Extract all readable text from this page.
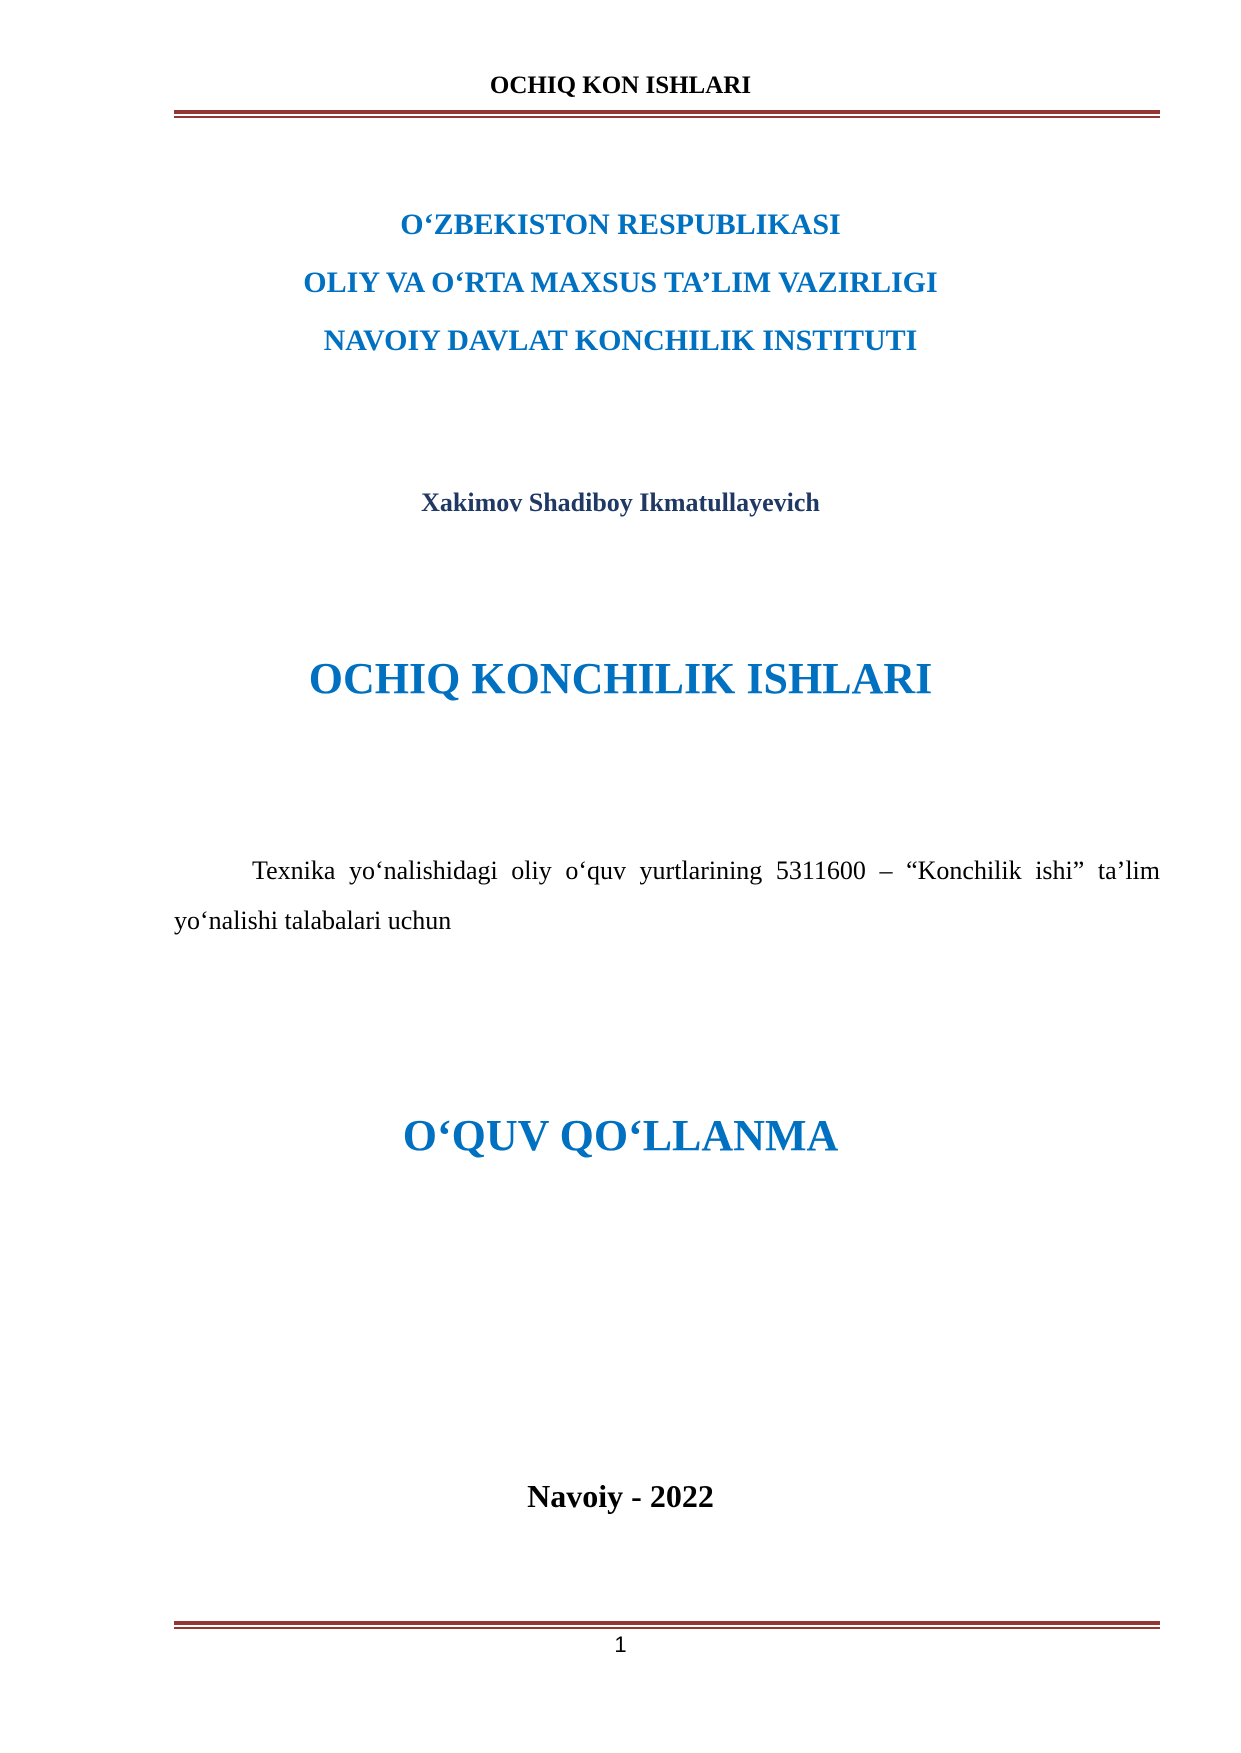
OCHIQ KON ISHLARI
O‘ZBEKISTON RESPUBLIKASI
OLIY VA O‘RTA MAXSUS TA’LIM VAZIRLIGI
NAVOIY DAVLAT KONCHILIK INSTITUTI
Xakimov Shadiboy Ikmatullayevich
OCHIQ KONCHILIK ISHLARI
Texnika yo‘nalishidagi oliy o‘quv yurtlarining 5311600 – “Konchilik ishi” ta’lim yo‘nalishi talabalari uchun
O‘QUV QO‘LLANMA
Navoiy - 2022
1
